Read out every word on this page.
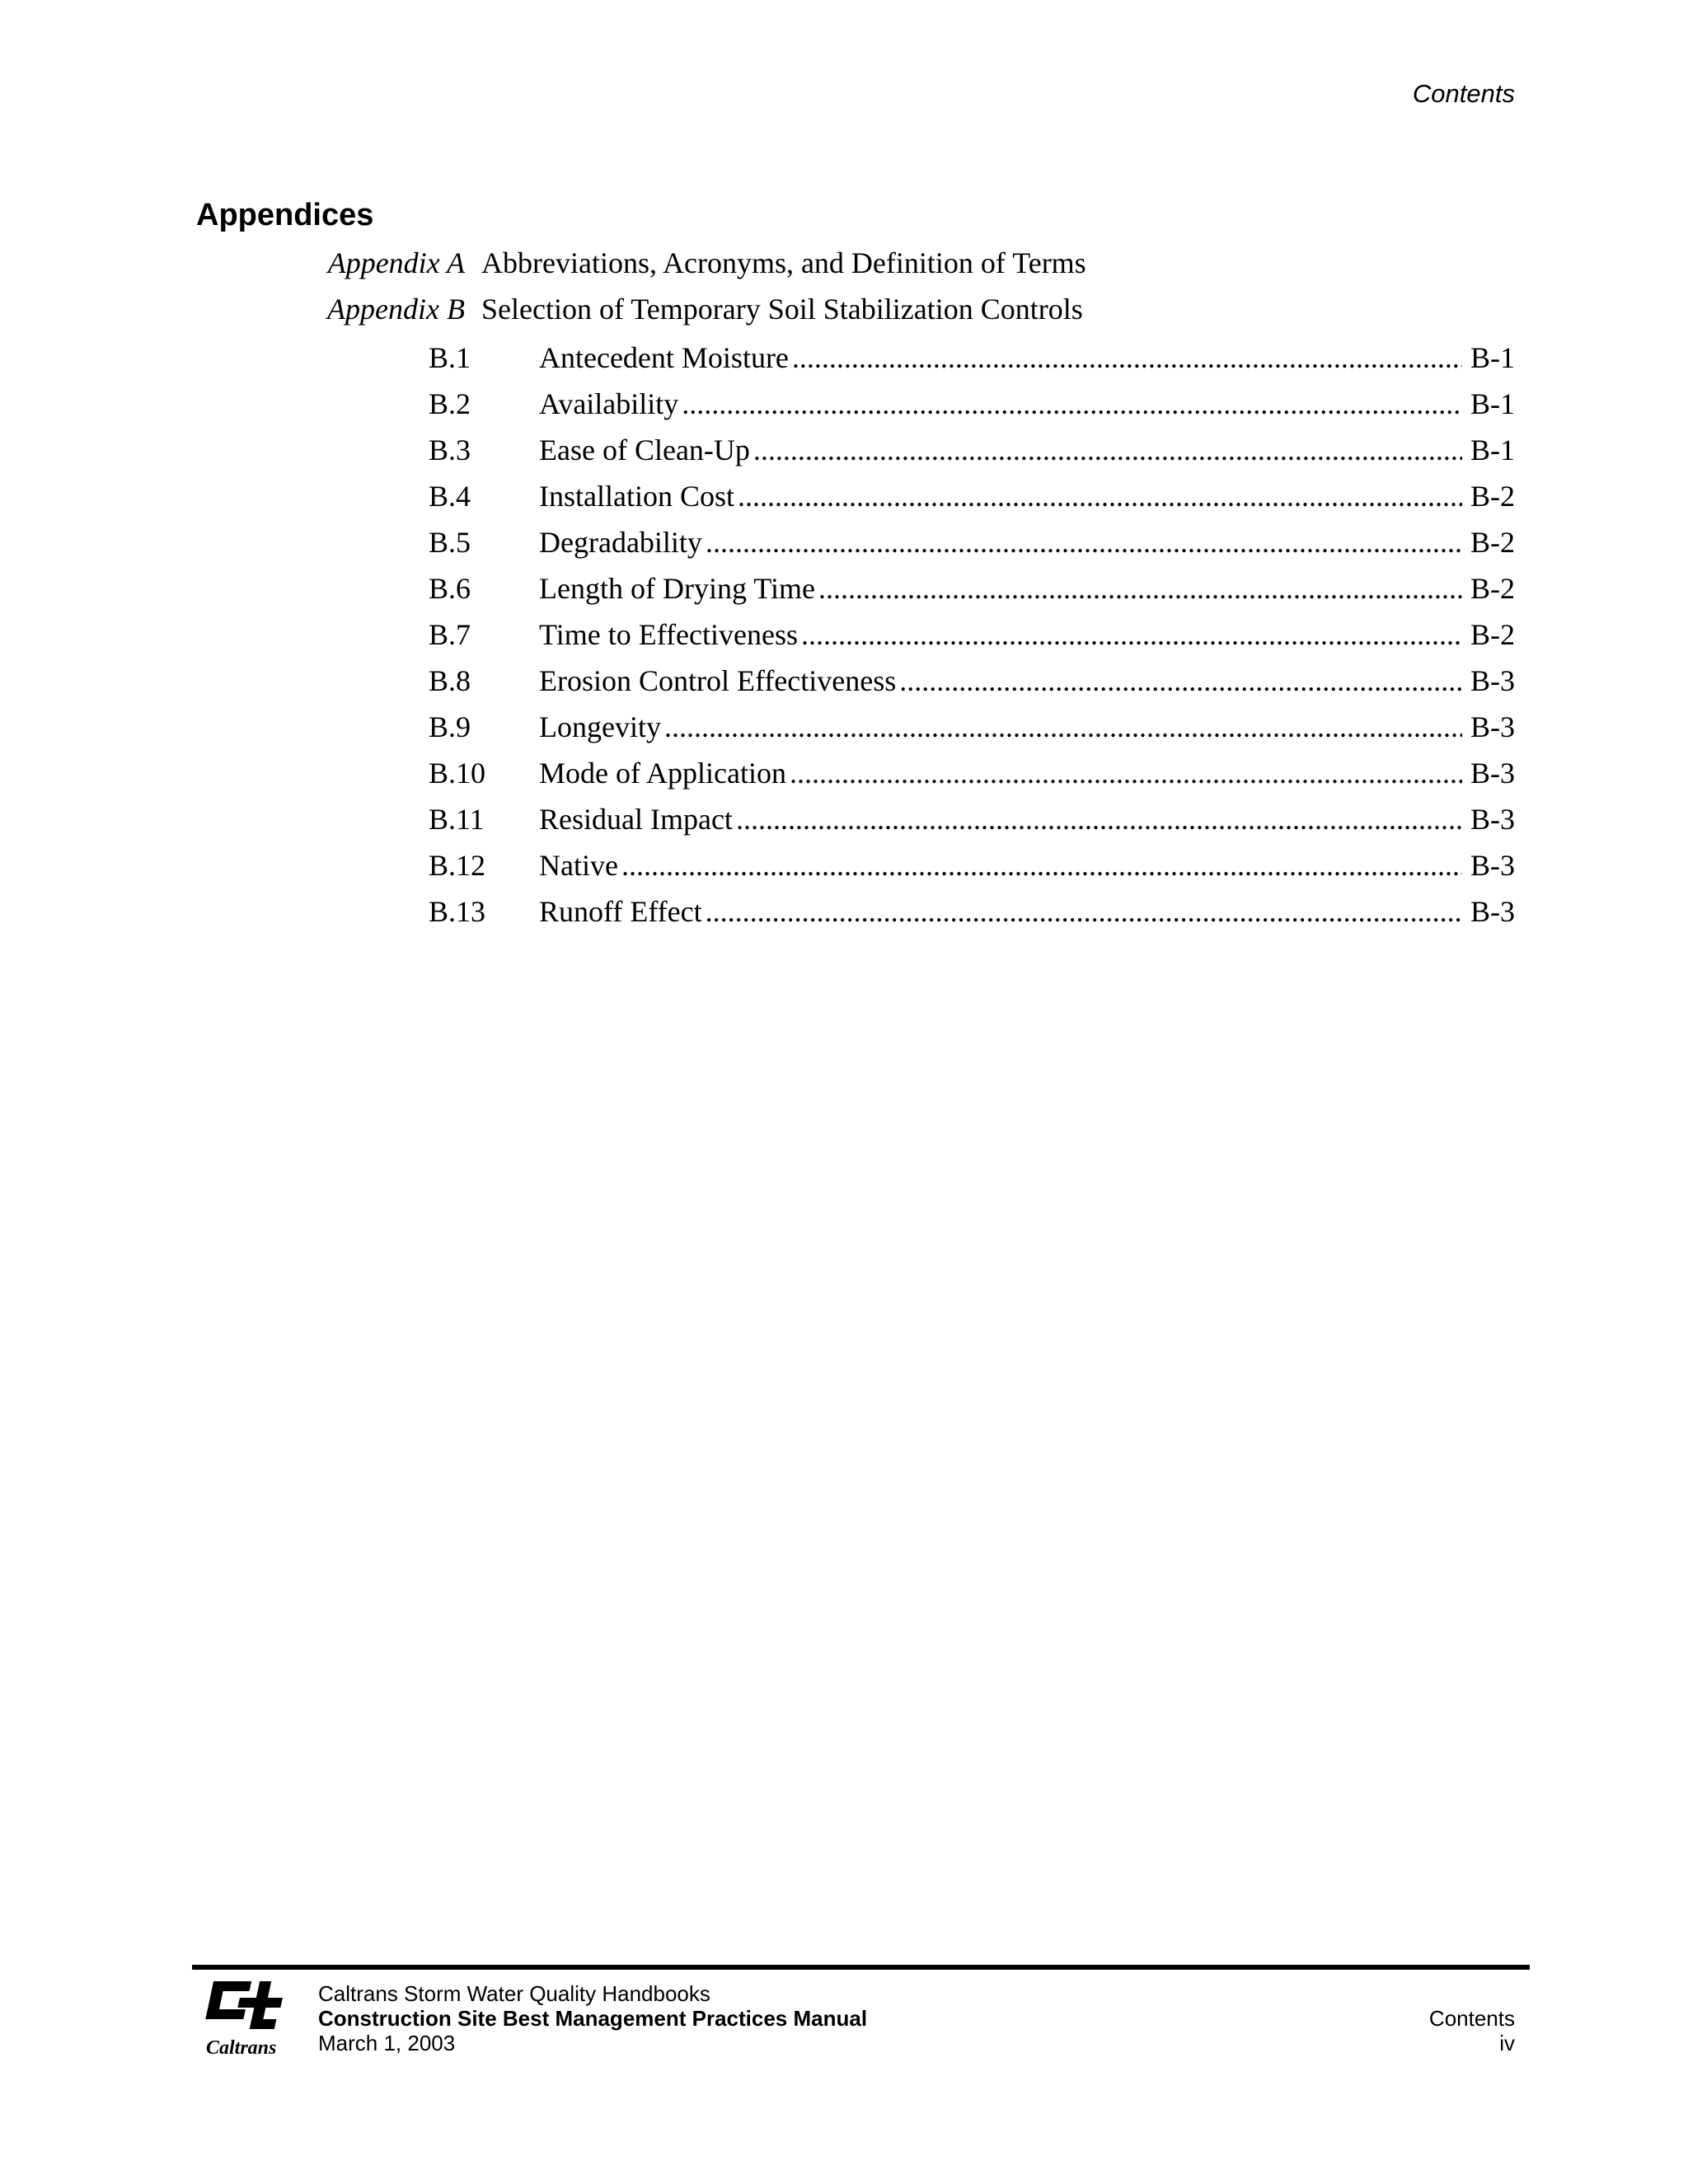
Contents
Appendices
Appendix A Abbreviations, Acronyms, and Definition of Terms
Appendix B Selection of Temporary Soil Stabilization Controls
B.1 Antecedent Moisture .....	B-1
B.2 Availability .....	B-1
B.3 Ease of Clean-Up .....	B-1
B.4 Installation Cost .....	B-2
B.5 Degradability .....	B-2
B.6 Length of Drying Time .....	B-2
B.7 Time to Effectiveness .....	B-2
B.8 Erosion Control Effectiveness .....	B-3
B.9 Longevity .....	B-3
B.10 Mode of Application .....	B-3
B.11 Residual Impact .....	B-3
B.12 Native .....	B-3
B.13 Runoff Effect .....	B-3
Caltrans
Caltrans Storm Water Quality Handbooks
Construction Site Best Management Practices Manual
March 1, 2003
Contents
iv
